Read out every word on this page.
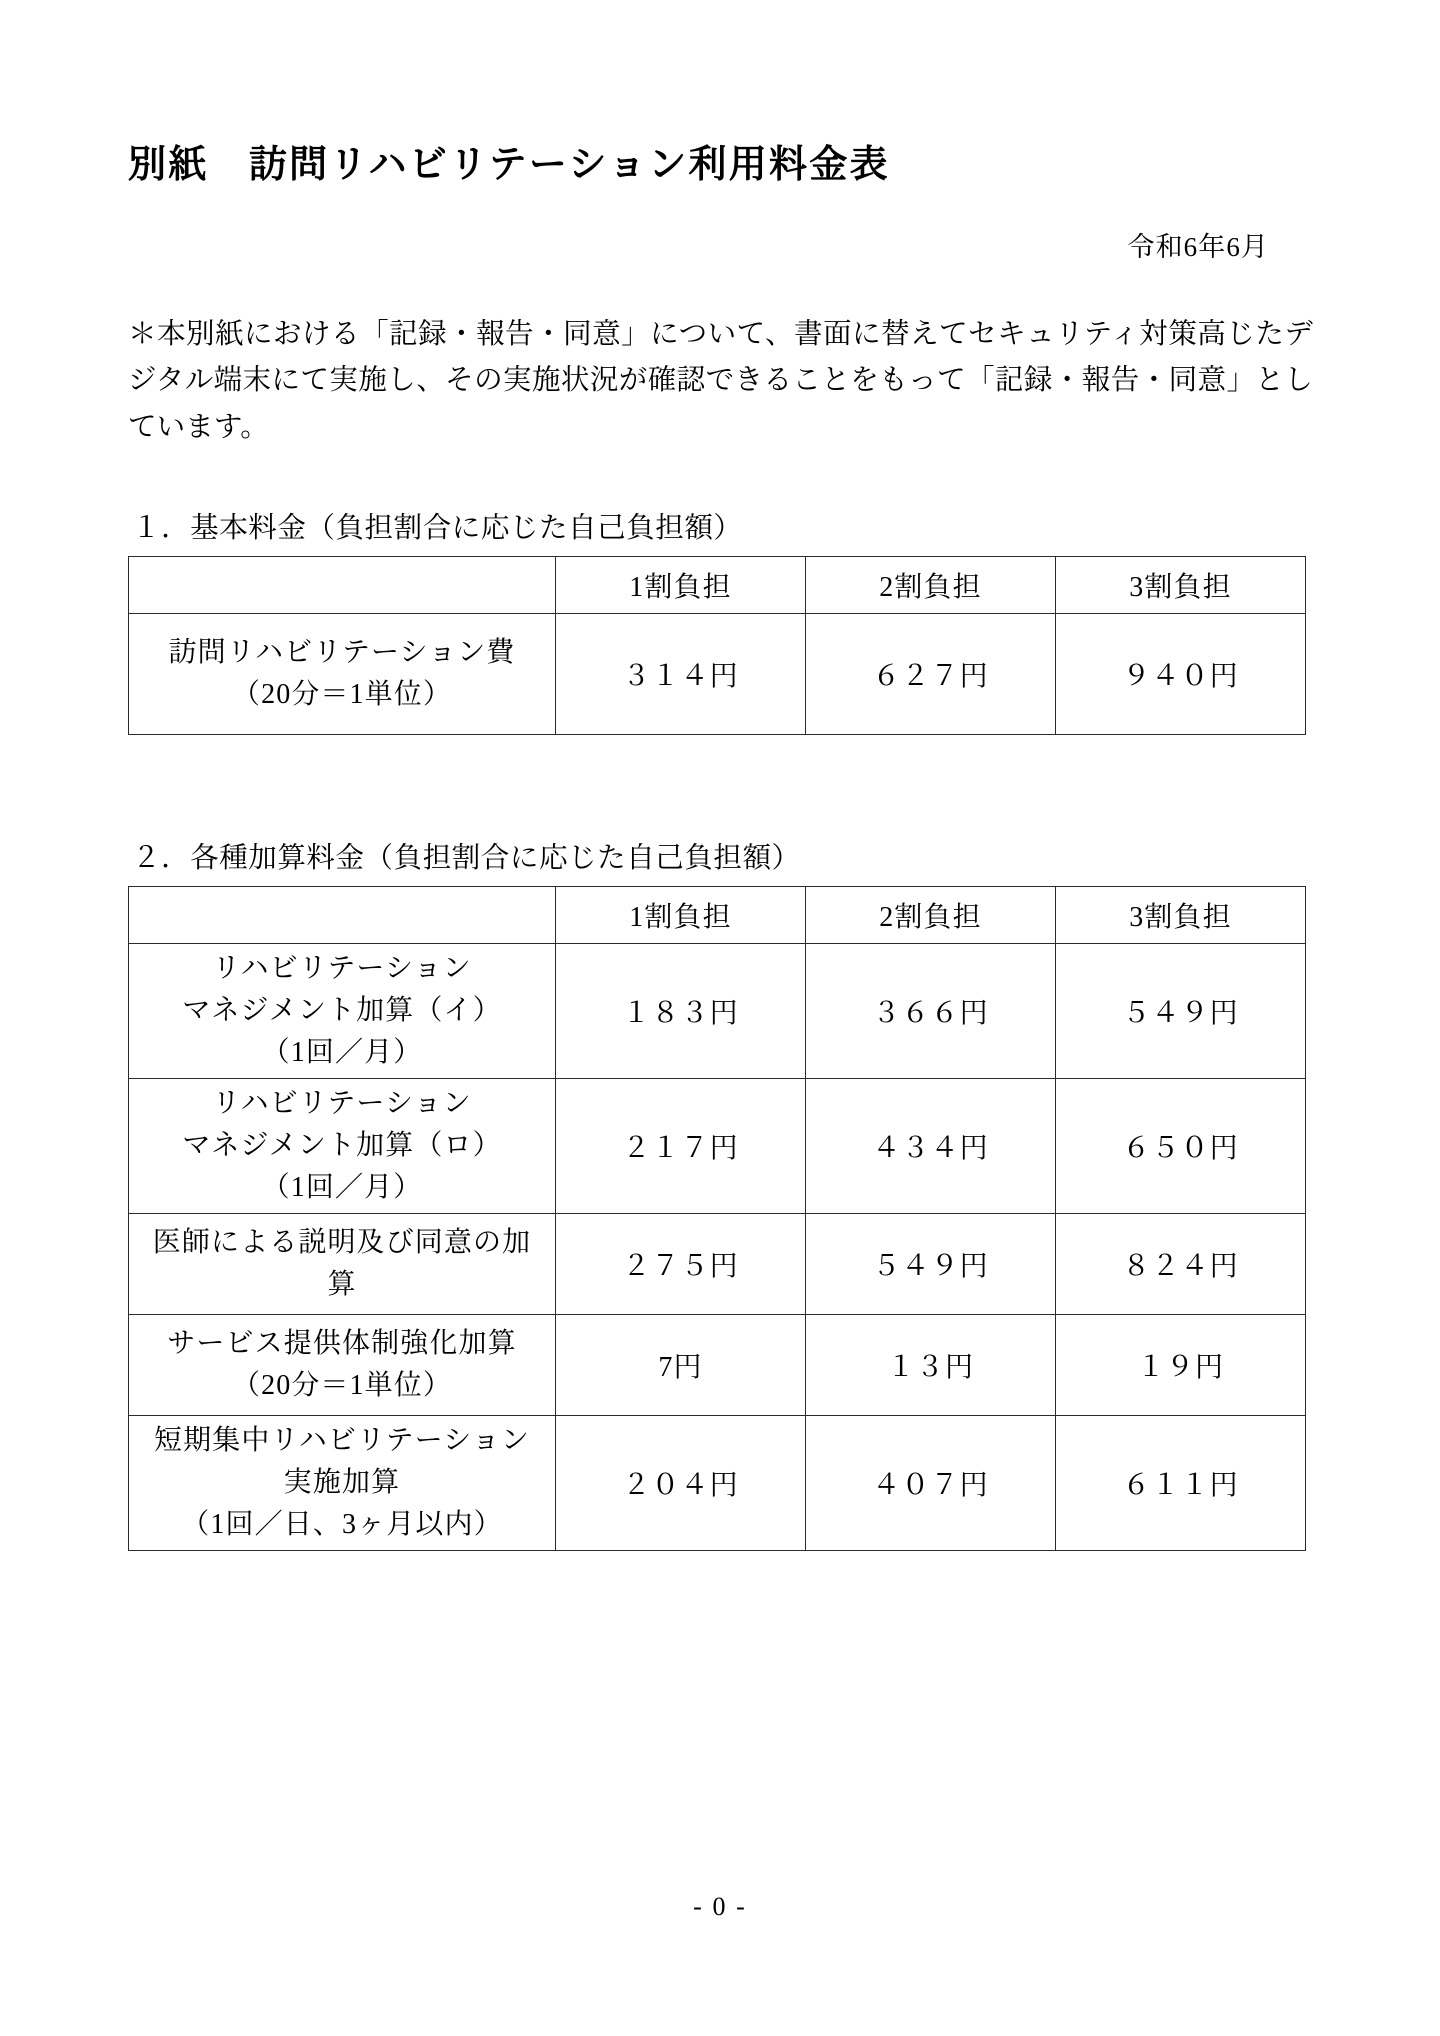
別紙　訪問リハビリテーション利用料金表
令和6年6月

＊本別紙における「記録・報告・同意」について、書面に替えてセキュリティ対策高じたデジタル端末にて実施し、その実施状況が確認できることをもって「記録・報告・同意」としています。

１．基本料金（負担割合に応じた自己負担額）
	1割負担	2割負担	3割負担

訪問リハビリテーション費
（20分＝1単位）	３１４円	６２７円	９４０円
２．各種加算料金（負担割合に応じた自己負担額）
	1割負担	2割負担	3割負担

リハビリテーション
マネジメント加算（イ）
（1回／月）	１８３円	３６６円	５４９円

リハビリテーション
マネジメント加算（ロ）
（1回／月）	２１７円	４３４円	６５０円

医師による説明及び同意の加
算	２７５円	５４９円	８２４円

サービス提供体制強化加算
（20分＝1単位）	7円	１３円	１９円

短期集中リハビリテーション
実施加算
（1回／日、3ヶ月以内）	２０４円	４０７円	６１１円
- 0 -
